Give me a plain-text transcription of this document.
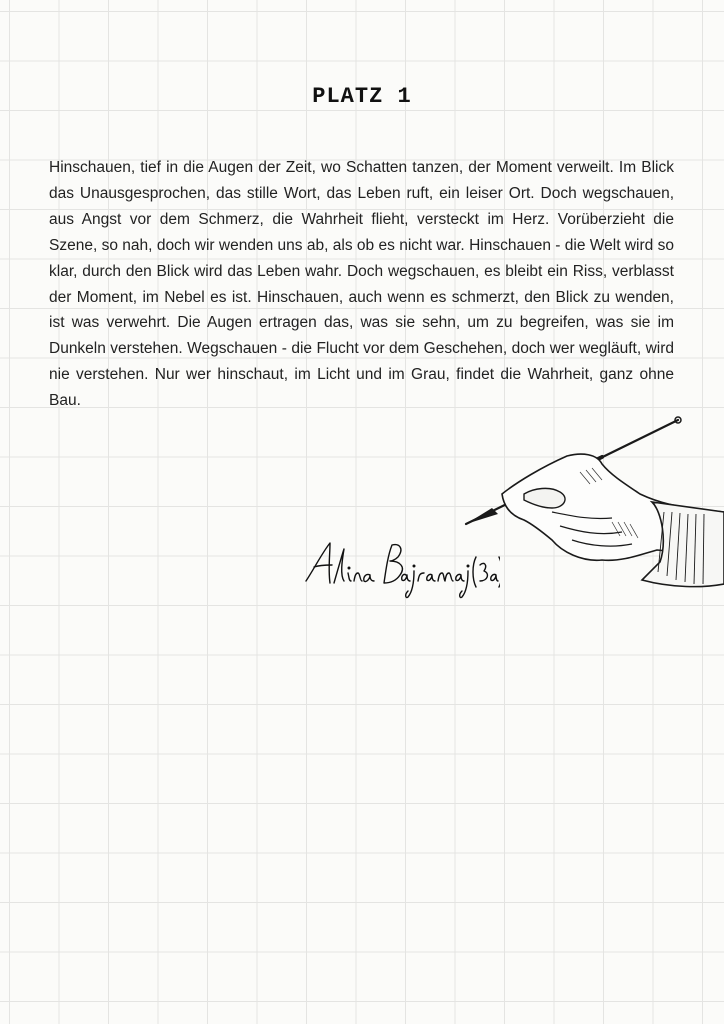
PLATZ 1

Hinschauen, tief in die Augen der Zeit, wo Schatten tanzen, der Moment verweilt. Im Blick das Unausgesprochen, das stille Wort, das Leben ruft, ein leiser Ort. Doch wegschauen, aus Angst vor dem Schmerz, die Wahrheit flieht, versteckt im Herz. Vorüberzieht die Szene, so nah, doch wir wenden uns ab, als ob es nicht war. Hinschauen - die Welt wird so klar, durch den Blick wird das Leben wahr. Doch wegschauen, es bleibt ein Riss, verblasst der Moment, im Nebel es ist. Hinschauen, auch wenn es schmerzt, den Blick zu wenden, ist was verwehrt. Die Augen ertragen das, was sie sehn, um zu begreifen, was sie im Dunkeln verstehen. Wegschauen - die Flucht vor dem Geschehen, doch wer wegläuft, wird nie verstehen. Nur wer hinschaut, im Licht und im Grau, findet die Wahrheit, ganz ohne Bau.
